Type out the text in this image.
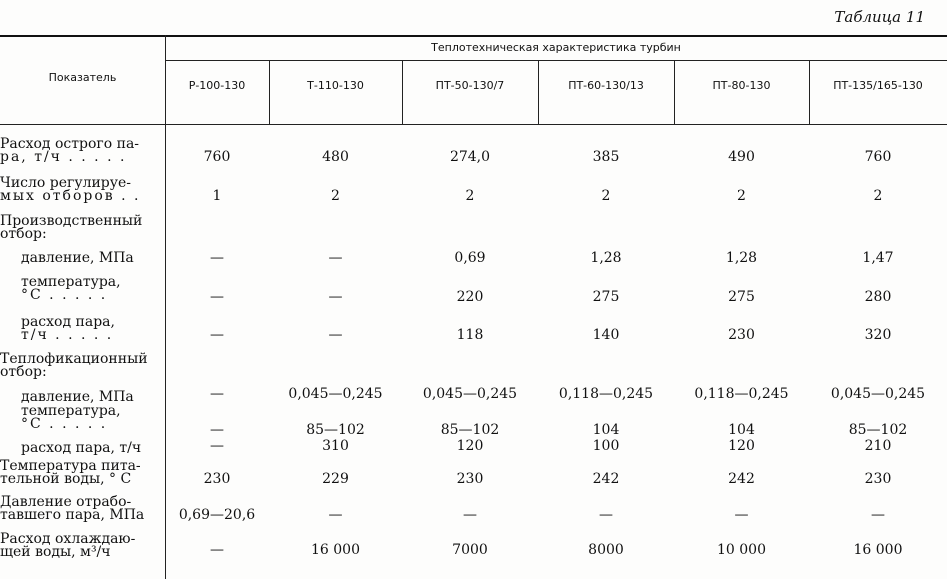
Таблица 11
Показатель
Теплотехническая характеристика турбин
Р-100-130	Т-110-130	ПТ-50-130/7	ПТ-60-130/13	ПТ-80-130	ПТ-135/165-130
Расход острого па-
ра, т/ч . . . . .	760	480	274,0	385	490	760
Число регулируе-
мых отборов . .	1	2	2	2	2	2
Производственный
отбор:
давление, МПа	—	—	0,69	1,28	1,28	1,47
температура,
°С . . . . .	—	—	220	275	275	280
расход пара,
т/ч . . . . .	—	—	118	140	230	320
Теплофикационный
отбор:
давление, МПа	—	0,045—0,245	0,045—0,245	0,118—0,245	0,118—0,245	0,045—0,245
температура,
°С . . . . .	—	85—102	85—102	104	104	85—102
расход пара, т/ч	—	310	120	100	120	210
Температура пита-
тельной воды, ° С	230	229	230	242	242	230
Давление отрабо-
тавшего пара, МПа	0,69—20,6	—	—	—	—	—
Расход охлаждаю-
щей воды, м³/ч	—	16 000	7000	8000	10 000	16 000
